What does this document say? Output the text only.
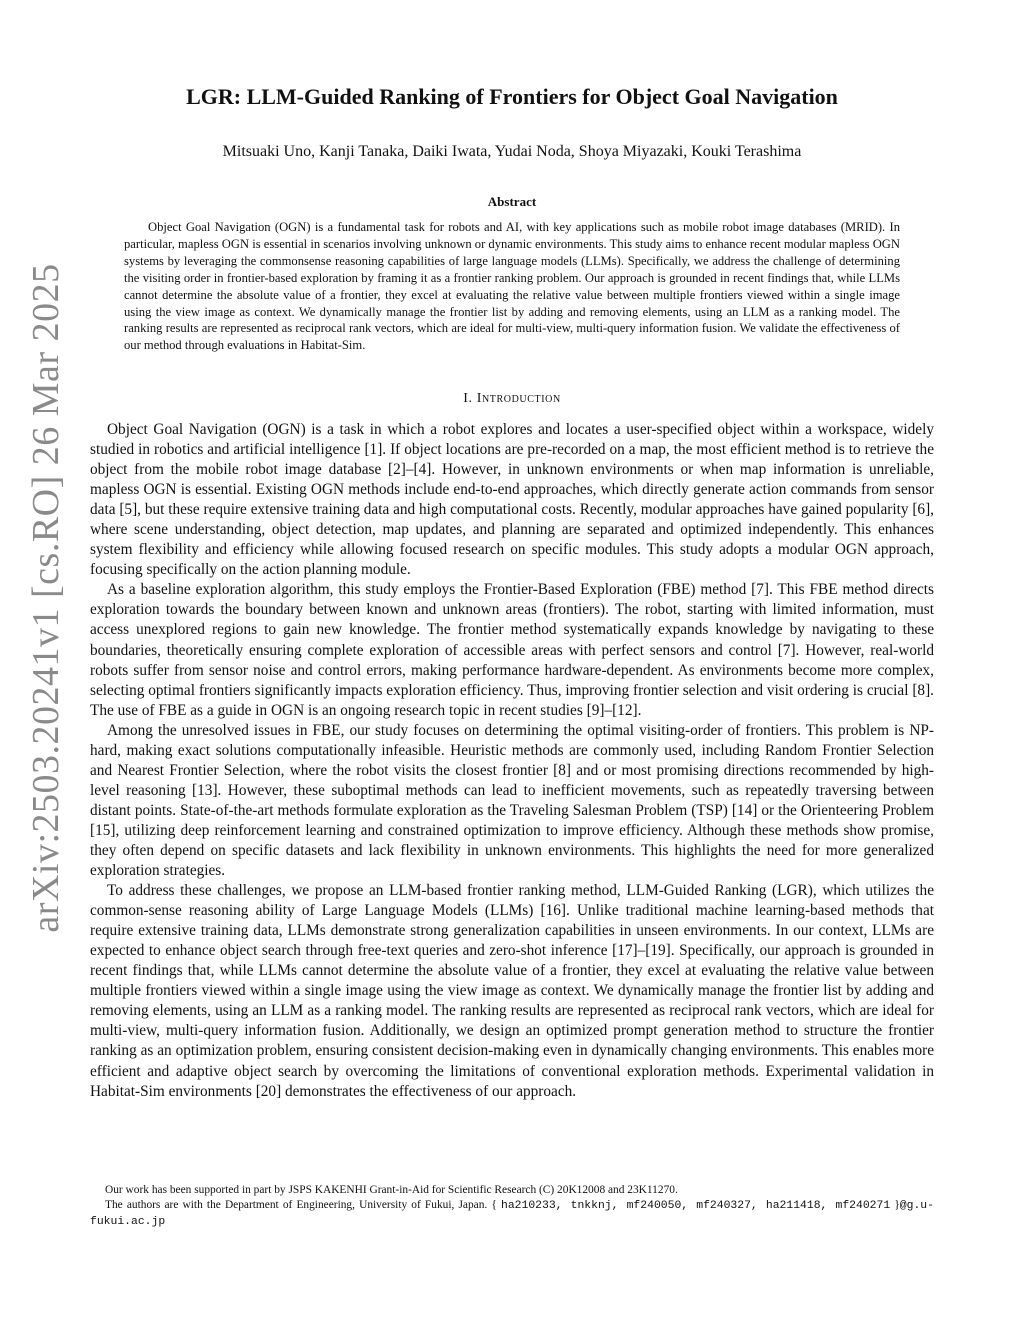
arXiv:2503.20241v1 [cs.RO] 26 Mar 2025
LGR: LLM-Guided Ranking of Frontiers for Object Goal Navigation
Mitsuaki Uno, Kanji Tanaka, Daiki Iwata, Yudai Noda, Shoya Miyazaki, Kouki Terashima
Abstract

Object Goal Navigation (OGN) is a fundamental task for robots and AI, with key applications such as mobile robot image databases (MRID). In particular, mapless OGN is essential in scenarios involving unknown or dynamic environments. This study aims to enhance recent modular mapless OGN systems by leveraging the commonsense reasoning capabilities of large language models (LLMs). Specifically, we address the challenge of determining the visiting order in frontier-based exploration by framing it as a frontier ranking problem. Our approach is grounded in recent findings that, while LLMs cannot determine the absolute value of a frontier, they excel at evaluating the relative value between multiple frontiers viewed within a single image using the view image as context. We dynamically manage the frontier list by adding and removing elements, using an LLM as a ranking model. The ranking results are represented as reciprocal rank vectors, which are ideal for multi-view, multi-query information fusion. We validate the effectiveness of our method through evaluations in Habitat-Sim.

I. Introduction

Object Goal Navigation (OGN) is a task in which a robot explores and locates a user-specified object within a workspace, widely studied in robotics and artificial intelligence [1]. If object locations are pre-recorded on a map, the most efficient method is to retrieve the object from the mobile robot image database [2]–[4]. However, in unknown environments or when map information is unreliable, mapless OGN is essential. Existing OGN methods include end-to-end approaches, which directly generate action commands from sensor data [5], but these require extensive training data and high computational costs. Recently, modular approaches have gained popularity [6], where scene understanding, object detection, map updates, and planning are separated and optimized independently. This enhances system flexibility and efficiency while allowing focused research on specific modules. This study adopts a modular OGN approach, focusing specifically on the action planning module.

As a baseline exploration algorithm, this study employs the Frontier-Based Exploration (FBE) method [7]. This FBE method directs exploration towards the boundary between known and unknown areas (frontiers). The robot, starting with limited information, must access unexplored regions to gain new knowledge. The frontier method systematically expands knowledge by navigating to these boundaries, theoretically ensuring complete exploration of accessible areas with perfect sensors and control [7]. However, real-world robots suffer from sensor noise and control errors, making performance hardware-dependent. As environments become more complex, selecting optimal frontiers significantly impacts exploration efficiency. Thus, improving frontier selection and visit ordering is crucial [8]. The use of FBE as a guide in OGN is an ongoing research topic in recent studies [9]–[12].

Among the unresolved issues in FBE, our study focuses on determining the optimal visiting-order of frontiers. This problem is NP-hard, making exact solutions computationally infeasible. Heuristic methods are commonly used, including Random Frontier Selection and Nearest Frontier Selection, where the robot visits the closest frontier [8] and or most promising directions recommended by high-level reasoning [13]. However, these suboptimal methods can lead to inefficient movements, such as repeatedly traversing between distant points. State-of-the-art methods formulate exploration as the Traveling Salesman Problem (TSP) [14] or the Orienteering Problem [15], utilizing deep reinforcement learning and constrained optimization to improve efficiency. Although these methods show promise, they often depend on specific datasets and lack flexibility in unknown environments. This highlights the need for more generalized exploration strategies.

To address these challenges, we propose an LLM-based frontier ranking method, LLM-Guided Ranking (LGR), which utilizes the common-sense reasoning ability of Large Language Models (LLMs) [16]. Unlike traditional machine learning-based methods that require extensive training data, LLMs demonstrate strong generalization capabilities in unseen environments. In our context, LLMs are expected to enhance object search through free-text queries and zero-shot inference [17]–[19]. Specifically, our approach is grounded in recent findings that, while LLMs cannot determine the absolute value of a frontier, they excel at evaluating the relative value between multiple frontiers viewed within a single image using the view image as context. We dynamically manage the frontier list by adding and removing elements, using an LLM as a ranking model. The ranking results are represented as reciprocal rank vectors, which are ideal for multi-view, multi-query information fusion. Additionally, we design an optimized prompt generation method to structure the frontier ranking as an optimization problem, ensuring consistent decision-making even in dynamically changing environments. This enables more efficient and adaptive object search by overcoming the limitations of conventional exploration methods. Experimental validation in Habitat-Sim environments [20] demonstrates the effectiveness of our approach.

Our work has been supported in part by JSPS KAKENHI Grant-in-Aid for Scientific Research (C) 20K12008 and 23K11270.

The authors are with the Department of Engineering, University of Fukui, Japan. { ha210233, tnkknj, mf240050, mf240327, ha211418, mf240271 }@g.u-fukui.ac.jp
